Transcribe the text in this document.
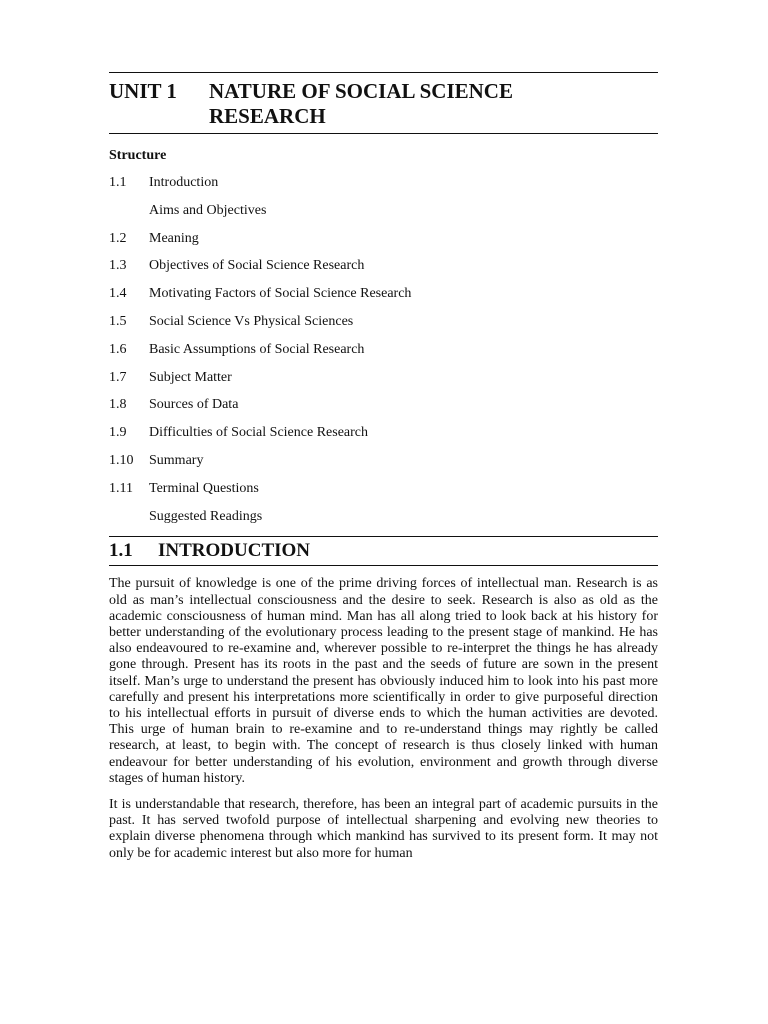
UNIT 1	NATURE OF SOCIAL SCIENCE RESEARCH
Structure
1.1	Introduction
Aims and Objectives
1.2	Meaning
1.3	Objectives of Social Science Research
1.4	Motivating Factors of Social Science Research
1.5	Social Science Vs Physical Sciences
1.6	Basic Assumptions of Social Research
1.7	Subject Matter
1.8	Sources of Data
1.9	Difficulties of Social Science Research
1.10	Summary
1.11	Terminal Questions
Suggested Readings
1.1	INTRODUCTION

The pursuit of knowledge is one of the prime driving forces of intellectual man. Research is as old as man’s intellectual consciousness and the desire to seek. Research is also as old as the academic consciousness of human mind. Man has all along tried to look back at his history for better understanding of the evolutionary process leading to the present stage of mankind. He has also endeavoured to re-examine and, wherever possible to re-interpret the things he has already gone through. Present has its roots in the past and the seeds of future are sown in the present itself. Man’s urge to understand the present has obviously induced him to look into his past more carefully and present his interpretations more scientifically in order to give purposeful direction to his intellectual efforts in pursuit of diverse ends to which the human activities are devoted. This urge of human brain to re-examine and to re-understand things may rightly be called research, at least, to begin with. The concept of research is thus closely linked with human endeavour for better understanding of his evolution, environment and growth through diverse stages of human history.

It is understandable that research, therefore, has been an integral part of academic pursuits in the past. It has served twofold purpose of intellectual sharpening and evolving new theories to explain diverse phenomena through which mankind has survived to its present form. It may not only be for academic interest but also more for human
